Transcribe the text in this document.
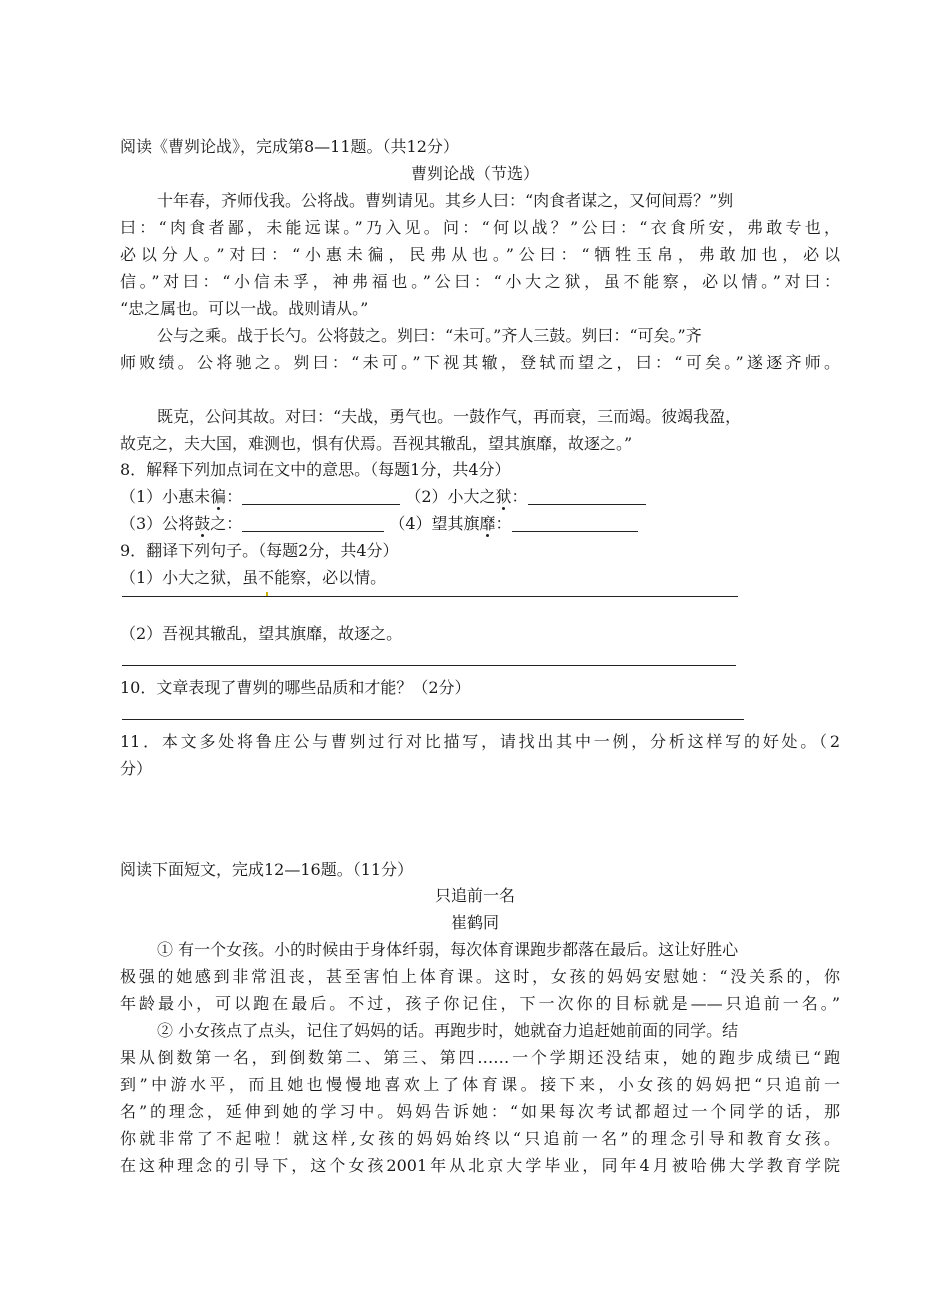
阅读《曹刿论战》，完成第8—11题。（共12分）
曹刿论战（节选）
十年春，齐师伐我。公将战。曹刿请见。其乡人曰：“肉食者谋之，又何间焉？”刿
曰：“肉食者鄙，未能远谋。”乃入见。问：“何以战？”公曰：“衣食所安，弗敢专也，
必以分人。”对曰：“小惠未徧，民弗从也。”公曰：“牺牲玉帛，弗敢加也，必以
信。”对曰：“小信未孚，神弗福也。”公曰：“小大之狱，虽不能察，必以情。”对曰：
“忠之属也。可以一战。战则请从。”
公与之乘。战于长勺。公将鼓之。刿曰：“未可。”齐人三鼓。刿曰：“可矣。”齐
师败绩。公将驰之。刿曰：“未可。”下视其辙，登轼而望之，曰：“可矣。”遂逐齐师。
既克，公问其故。对曰：“夫战，勇气也。一鼓作气，再而衰，三而竭。彼竭我盈，
故克之，夫大国，难测也，惧有伏焉。吾视其辙乱，望其旗靡，故逐之。”
8．解释下列加点词在文中的意思。（每题1分，共4分）
（1）小惠未徧：	（2）小大之狱：
（3）公将鼓之：	（4）望其旗靡：
9．翻译下列句子。（每题2分，共4分）
（1）小大之狱，虽不能察，必以情。
（2）吾视其辙乱，望其旗靡，故逐之。
10．文章表现了曹刿的哪些品质和才能？（2分）
11．本文多处将鲁庄公与曹刿过行对比描写，请找出其中一例，分析这样写的好处。（2
分）
阅读下面短文，完成12—16题。（11分）
只追前一名
崔鹤同
① 有一个女孩。小的时候由于身体纤弱，每次体育课跑步都落在最后。这让好胜心
极强的她感到非常沮丧，甚至害怕上体育课。这时，女孩的妈妈安慰她：“没关系的，你
年龄最小，可以跑在最后。不过，孩子你记住，下一次你的目标就是——只追前一名。”
② 小女孩点了点头，记住了妈妈的话。再跑步时，她就奋力追赶她前面的同学。结
果从倒数第一名，到倒数第二、第三、第四……一个学期还没结束，她的跑步成绩已“跑
到”中游水平，而且她也慢慢地喜欢上了体育课。接下来，小女孩的妈妈把“只追前一
名”的理念，延伸到她的学习中。妈妈告诉她：“如果每次考试都超过一个同学的话，那
你就非常了不起啦！就这样,女孩的妈妈始终以“只追前一名”的理念引导和教育女孩。
在这种理念的引导下，这个女孩2001年从北京大学毕业，同年4月被哈佛大学教育学院
